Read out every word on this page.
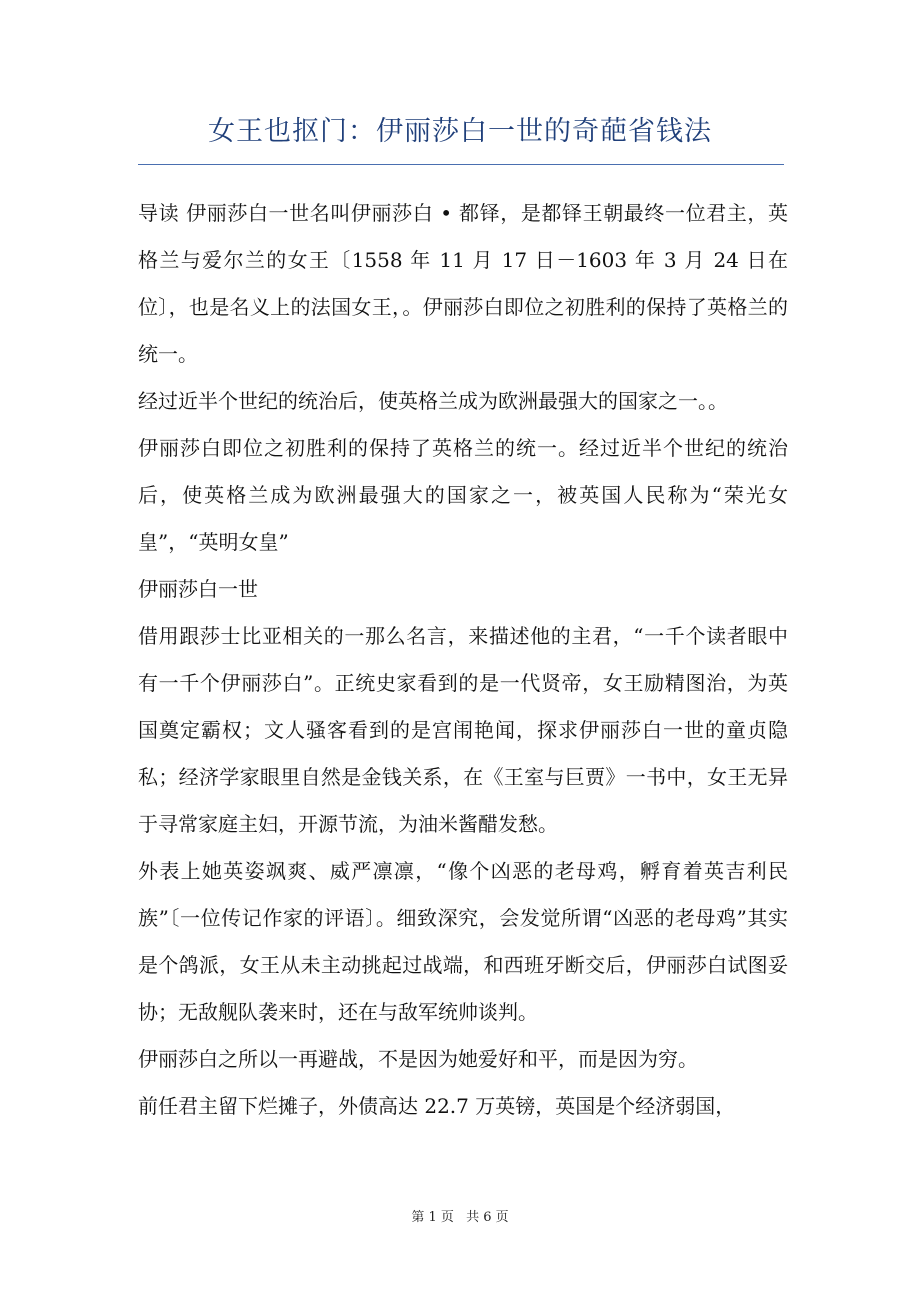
女王也抠门：伊丽莎白一世的奇葩省钱法

导读 伊丽莎白一世名叫伊丽莎白 • 都铎，是都铎王朝最终一位君主，英格兰与爱尔兰的女王〔1558 年 11 月 17 日－1603 年 3 月 24 日在位〕，也是名义上的法国女王，。伊丽莎白即位之初胜利的保持了英格兰的统一。

经过近半个世纪的统治后，使英格兰成为欧洲最强大的国家之一。。

伊丽莎白即位之初胜利的保持了英格兰的统一。经过近半个世纪的统治后，使英格兰成为欧洲最强大的国家之一，被英国人民称为“荣光女皇”，“英明女皇”

伊丽莎白一世

借用跟莎士比亚相关的一那么名言，来描述他的主君，“一千个读者眼中有一千个伊丽莎白”。正统史家看到的是一代贤帝，女王励精图治，为英国奠定霸权；文人骚客看到的是宫闱艳闻，探求伊丽莎白一世的童贞隐私；经济学家眼里自然是金钱关系，在《王室与巨贾》一书中，女王无异于寻常家庭主妇，开源节流，为油米酱醋发愁。

外表上她英姿飒爽、威严凛凛，“像个凶恶的老母鸡，孵育着英吉利民族”〔一位传记作家的评语〕。细致深究，会发觉所谓“凶恶的老母鸡”其实是个鸽派，女王从未主动挑起过战端，和西班牙断交后，伊丽莎白试图妥协；无敌舰队袭来时，还在与敌军统帅谈判。

伊丽莎白之所以一再避战，不是因为她爱好和平，而是因为穷。

前任君主留下烂摊子，外债高达 22.7 万英镑，英国是个经济弱国，

第 1 页 共 6 页
